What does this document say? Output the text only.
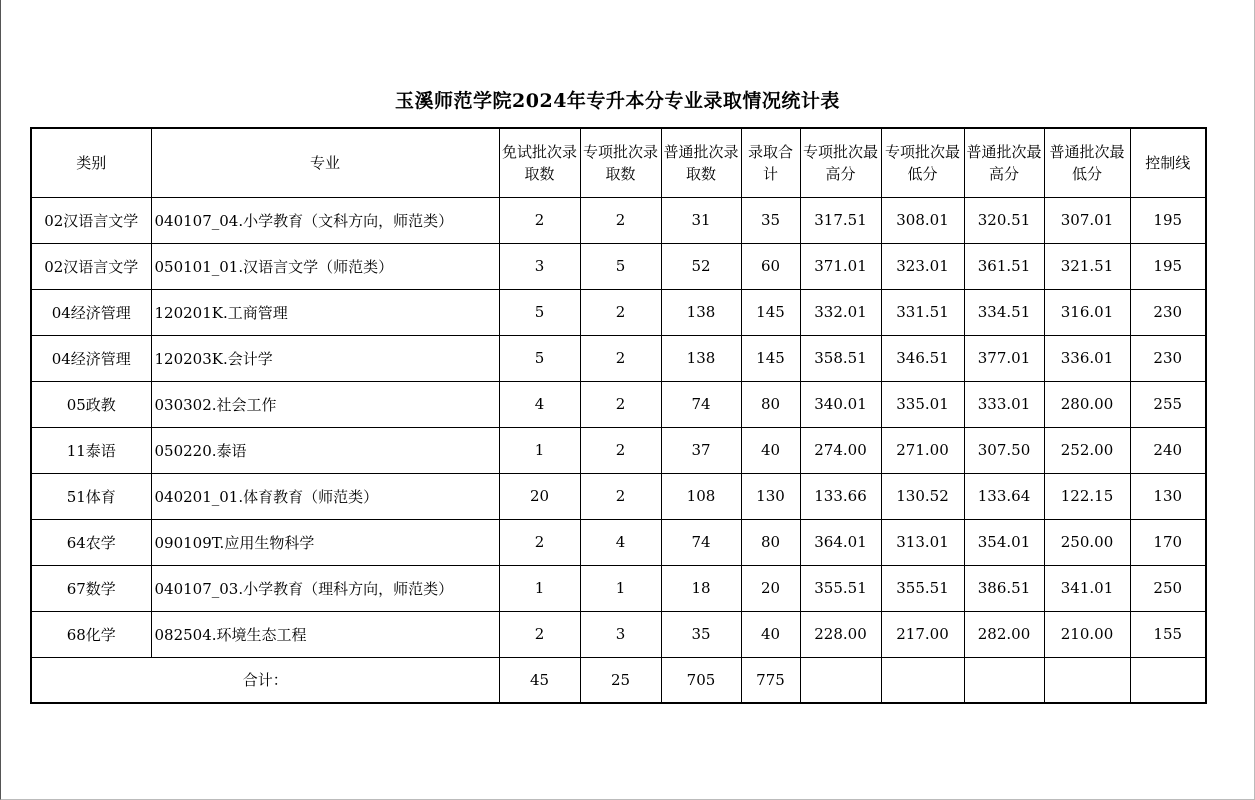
玉溪师范学院2024年专升本分专业录取情况统计表
类别	专业	免试批次录取数	专项批次录取数	普通批次录取数	录取合计	专项批次最高分	专项批次最低分	普通批次最高分	普通批次最低分	控制线
02汉语言文学	040107_04.小学教育（文科方向，师范类）	2	2	31	35	317.51	308.01	320.51	307.01	195
02汉语言文学	050101_01.汉语言文学（师范类）	3	5	52	60	371.01	323.01	361.51	321.51	195
04经济管理	120201K.工商管理	5	2	138	145	332.01	331.51	334.51	316.01	230
04经济管理	120203K.会计学	5	2	138	145	358.51	346.51	377.01	336.01	230
05政教	030302.社会工作	4	2	74	80	340.01	335.01	333.01	280.00	255
11泰语	050220.泰语	1	2	37	40	274.00	271.00	307.50	252.00	240
51体育	040201_01.体育教育（师范类）	20	2	108	130	133.66	130.52	133.64	122.15	130
64农学	090109T.应用生物科学	2	4	74	80	364.01	313.01	354.01	250.00	170
67数学	040107_03.小学教育（理科方向，师范类）	1	1	18	20	355.51	355.51	386.51	341.01	250
68化学	082504.环境生态工程	2	3	35	40	228.00	217.00	282.00	210.00	155
合计：		45	25	705	775					
